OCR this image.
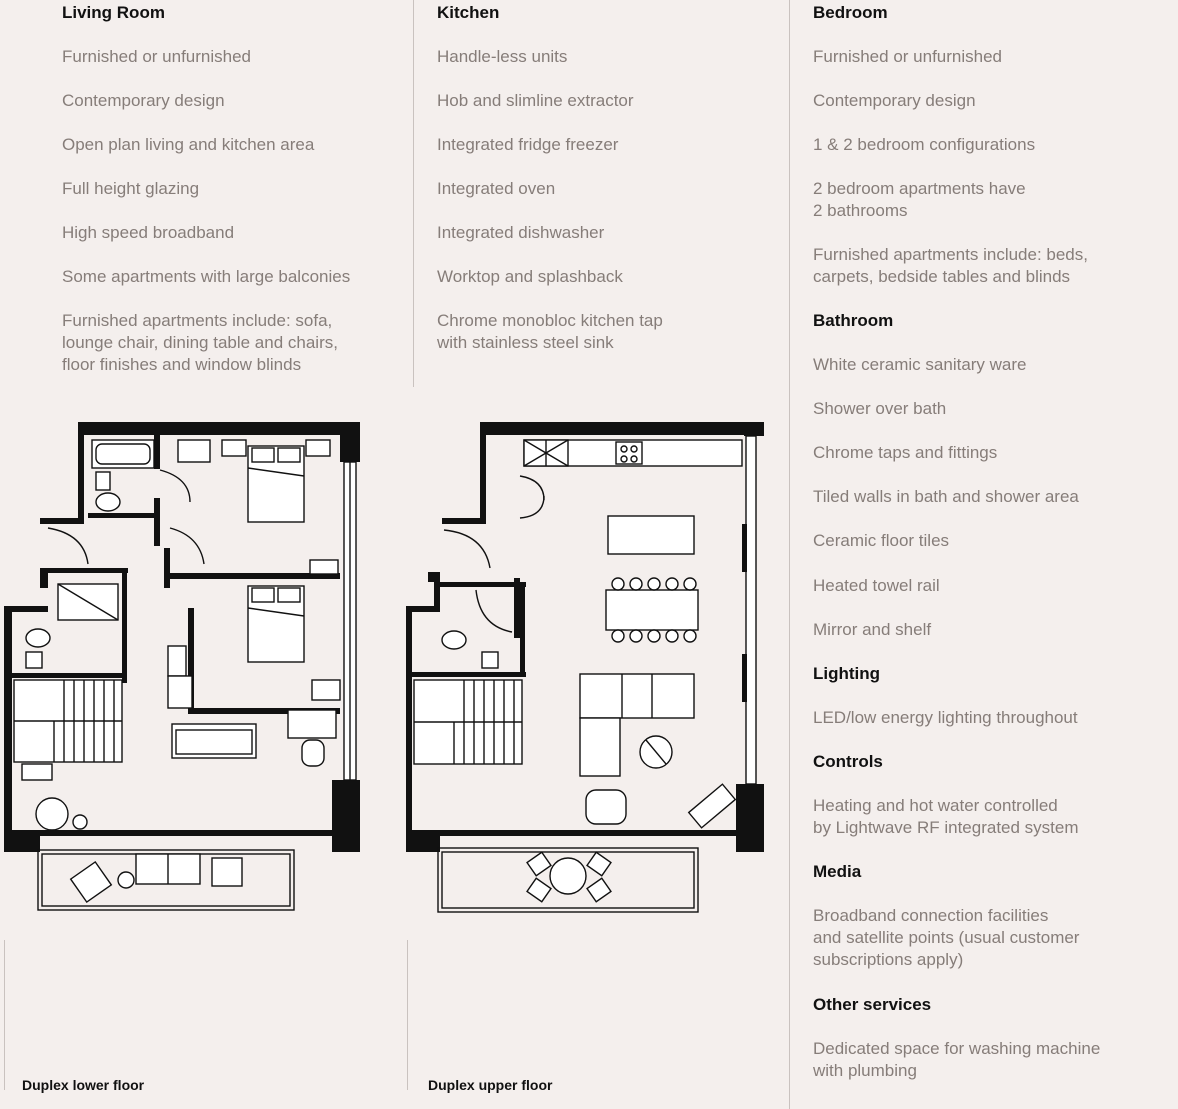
Living Room

Furnished or unfurnished

Contemporary design

Open plan living and kitchen area

Full height glazing

High speed broadband

Some apartments with large balconies

Furnished apartments include: sofa,
lounge chair, dining table and chairs,
floor finishes and window blinds

Kitchen

Handle-less units

Hob and slimline extractor

Integrated fridge freezer

Integrated oven

Integrated dishwasher

Worktop and splashback

Chrome monobloc kitchen tap
with stainless steel sink

Bedroom

Furnished or unfurnished

Contemporary design

1 & 2 bedroom configurations

2 bedroom apartments have
2 bathrooms

Furnished apartments include: beds,
carpets, bedside tables and blinds

Bathroom

White ceramic sanitary ware

Shower over bath

Chrome taps and fittings

Tiled walls in bath and shower area

Ceramic floor tiles

Heated towel rail

Mirror and shelf

Lighting

LED/low energy lighting throughout

Controls

Heating and hot water controlled
by Lightwave RF integrated system

Media

Broadband connection facilities
and satellite points (usual customer
subscriptions apply)

Other services

Dedicated space for washing machine
with plumbing

Duplex lower floor	Duplex upper floor
